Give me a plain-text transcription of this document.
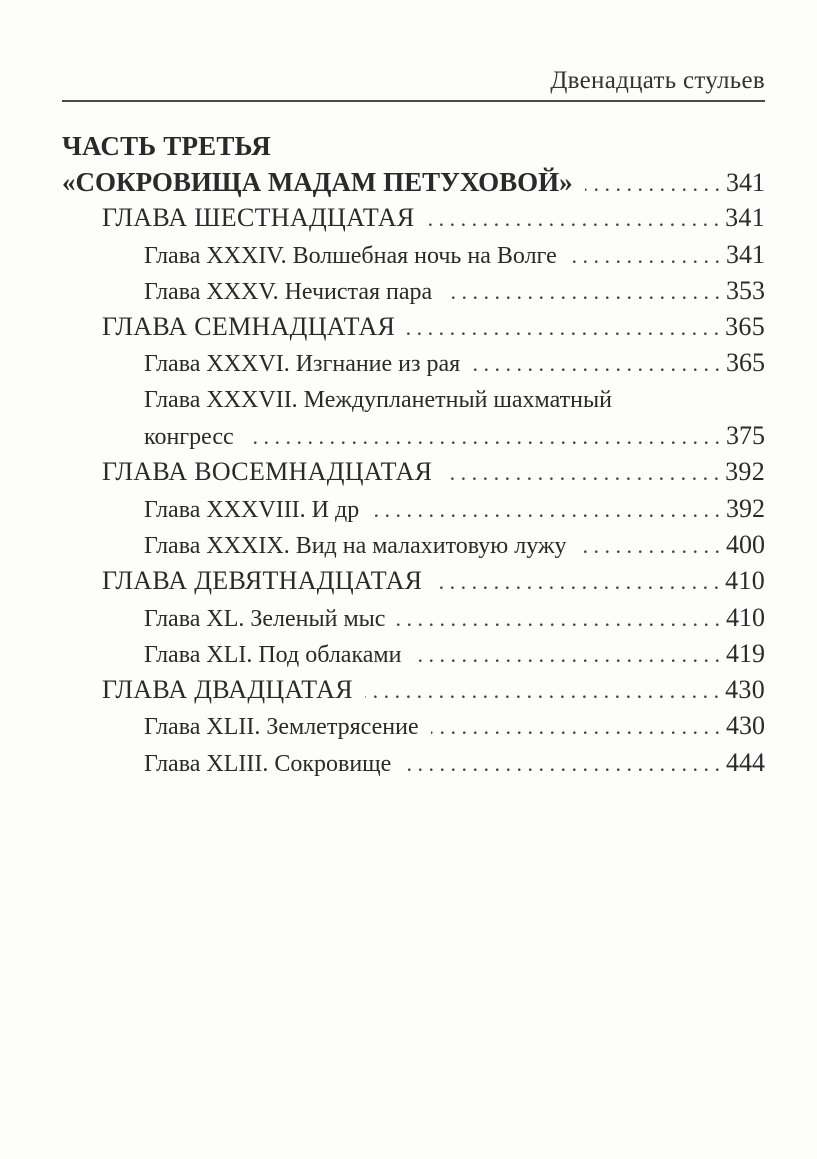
Двенадцать стульев
ЧАСТЬ ТРЕТЬЯ
«СОКРОВИЩА МАДАМ ПЕТУХОВОЙ» . . .	341
ГЛАВА ШЕСТНАДЦАТАЯ . . .	341
Глава XXXIV. Волшебная ночь на Волге . . .	341
Глава XXXV. Нечистая пара . . .	353
ГЛАВА СЕМНАДЦАТАЯ . . .	365
Глава XXXVI. Изгнание из рая . . .	365
Глава XXXVII. Междупланетный шахматный
конгресс . . .	375
ГЛАВА ВОСЕМНАДЦАТАЯ . . .	392
Глава XXXVIII. И др . . .	392
Глава XXXIX. Вид на малахитовую лужу . . .	400
ГЛАВА ДЕВЯТНАДЦАТАЯ . . .	410
Глава XL. Зеленый мыс . . .	410
Глава XLI. Под облаками . . .	419
ГЛАВА ДВАДЦАТАЯ . . .	430
Глава XLII. Землетрясение . . .	430
Глава XLIII. Сокровище . . .	444
